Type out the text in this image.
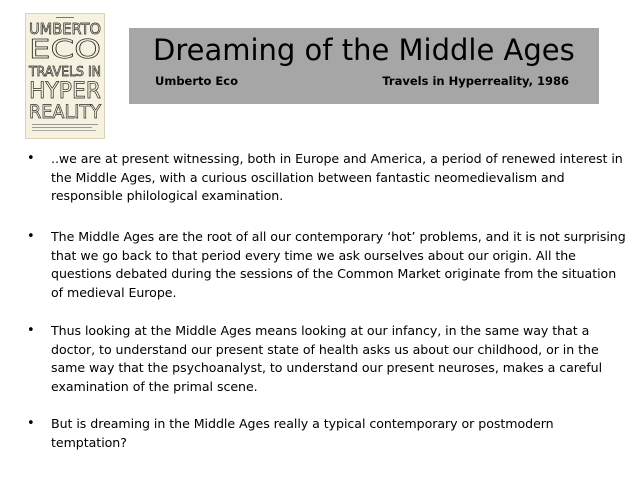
UMBERTO
ECO
TRAVELS IN
HYPER
REALITY
Dreaming of the Middle Ages
Umberto Eco	Travels in Hyperreality, 1986
• ..we are at present witnessing, both in Europe and America, a period of renewed interest in the Middle Ages, with a curious oscillation between fantastic neomedievalism and responsible philological examination.

• The Middle Ages are the root of all our contemporary ‘hot’ problems, and it is not surprising that we go back to that period every time we ask ourselves about our origin. All the questions debated during the sessions of the Common Market originate from the situation of medieval Europe.

• Thus looking at the Middle Ages means looking at our infancy, in the same way that a doctor, to understand our present state of health asks us about our childhood, or in the same way that the psychoanalyst, to understand our present neuroses, makes a careful examination of the primal scene.

• But is dreaming in the Middle Ages really a typical contemporary or postmodern temptation?
